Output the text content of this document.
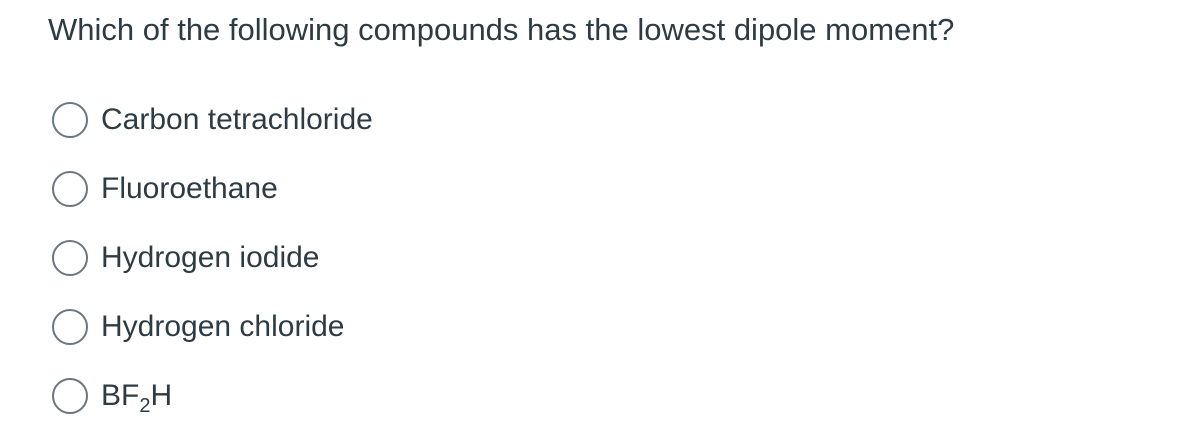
Which of the following compounds has the lowest dipole moment?
Carbon tetrachloride
Fluoroethane
Hydrogen iodide
Hydrogen chloride
$BF_2H$
